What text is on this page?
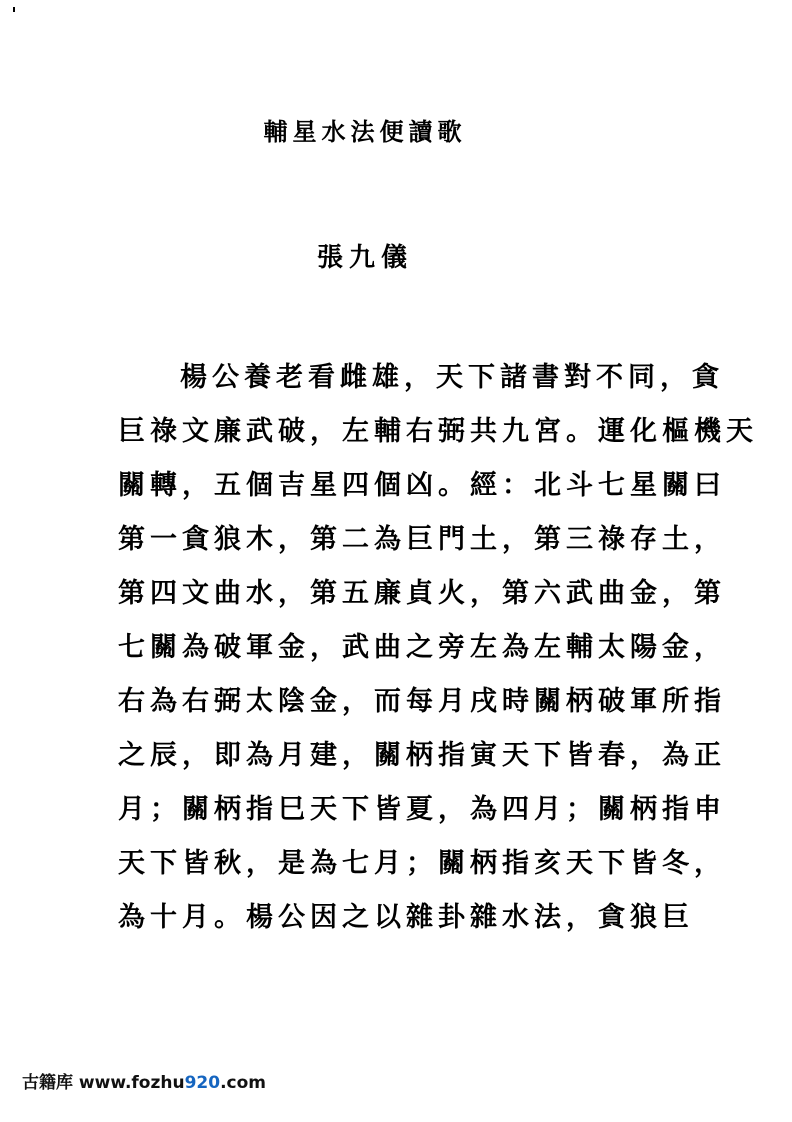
輔星水法便讀歌
張九儀
楊公養老看雌雄，天下諸書對不同，貪
巨祿文廉武破，左輔右弼共九宮。運化樞機天
關轉，五個吉星四個凶。經：北斗七星關曰
第一貪狼木，第二為巨門土，第三祿存土，
第四文曲水，第五廉貞火，第六武曲金，第
七關為破軍金，武曲之旁左為左輔太陽金，
右為右弼太陰金，而每月戌時關柄破軍所指
之辰，即為月建，關柄指寅天下皆春，為正
月；關柄指巳天下皆夏，為四月；關柄指申
天下皆秋，是為七月；關柄指亥天下皆冬，
為十月。楊公因之以雜卦雜水法，貪狼巨
古籍库 www.fozhu920.com
